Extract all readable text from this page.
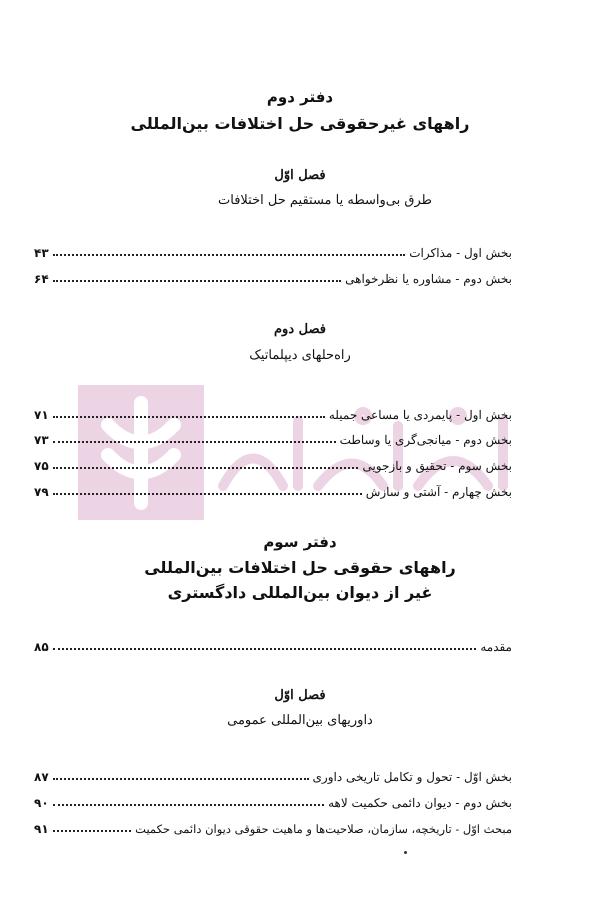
دفتر دوم
راههای غیرحقوقی حل اختلافات بین‌المللی
فصل اوّل
طرق بی‌واسطه یا مستقیم حل اختلافات
بخش اول - مذاکرات
۴۳
بخش دوم - مشاوره یا نظرخواهی
۶۴
فصل دوم
راه‌حلهای دیپلماتیک
بخش اول - پایمردی یا مساعی جمیله
۷۱
بخش دوم - میانجی‌گری یا وساطت
۷۳
بخش سوم - تحقیق و بازجویی
۷۵
بخش چهارم - آشتی و سازش
۷۹
دفتر سوم
راههای حقوقی حل اختلافات بین‌المللی
غیر از دیوان بین‌المللی دادگستری
مقدمه
۸۵
فصل اوّل
داوریهای بین‌المللی عمومی
بخش اوّل - تحول و تکامل تاریخی داوری
۸۷
بخش دوم - دیوان دائمی حکمیت لاهه
۹۰
مبحث اوّل - تاریخچه، سازمان، صلاحیت‌ها و ماهیت حقوقی دیوان دائمی حکمیت
۹۱
